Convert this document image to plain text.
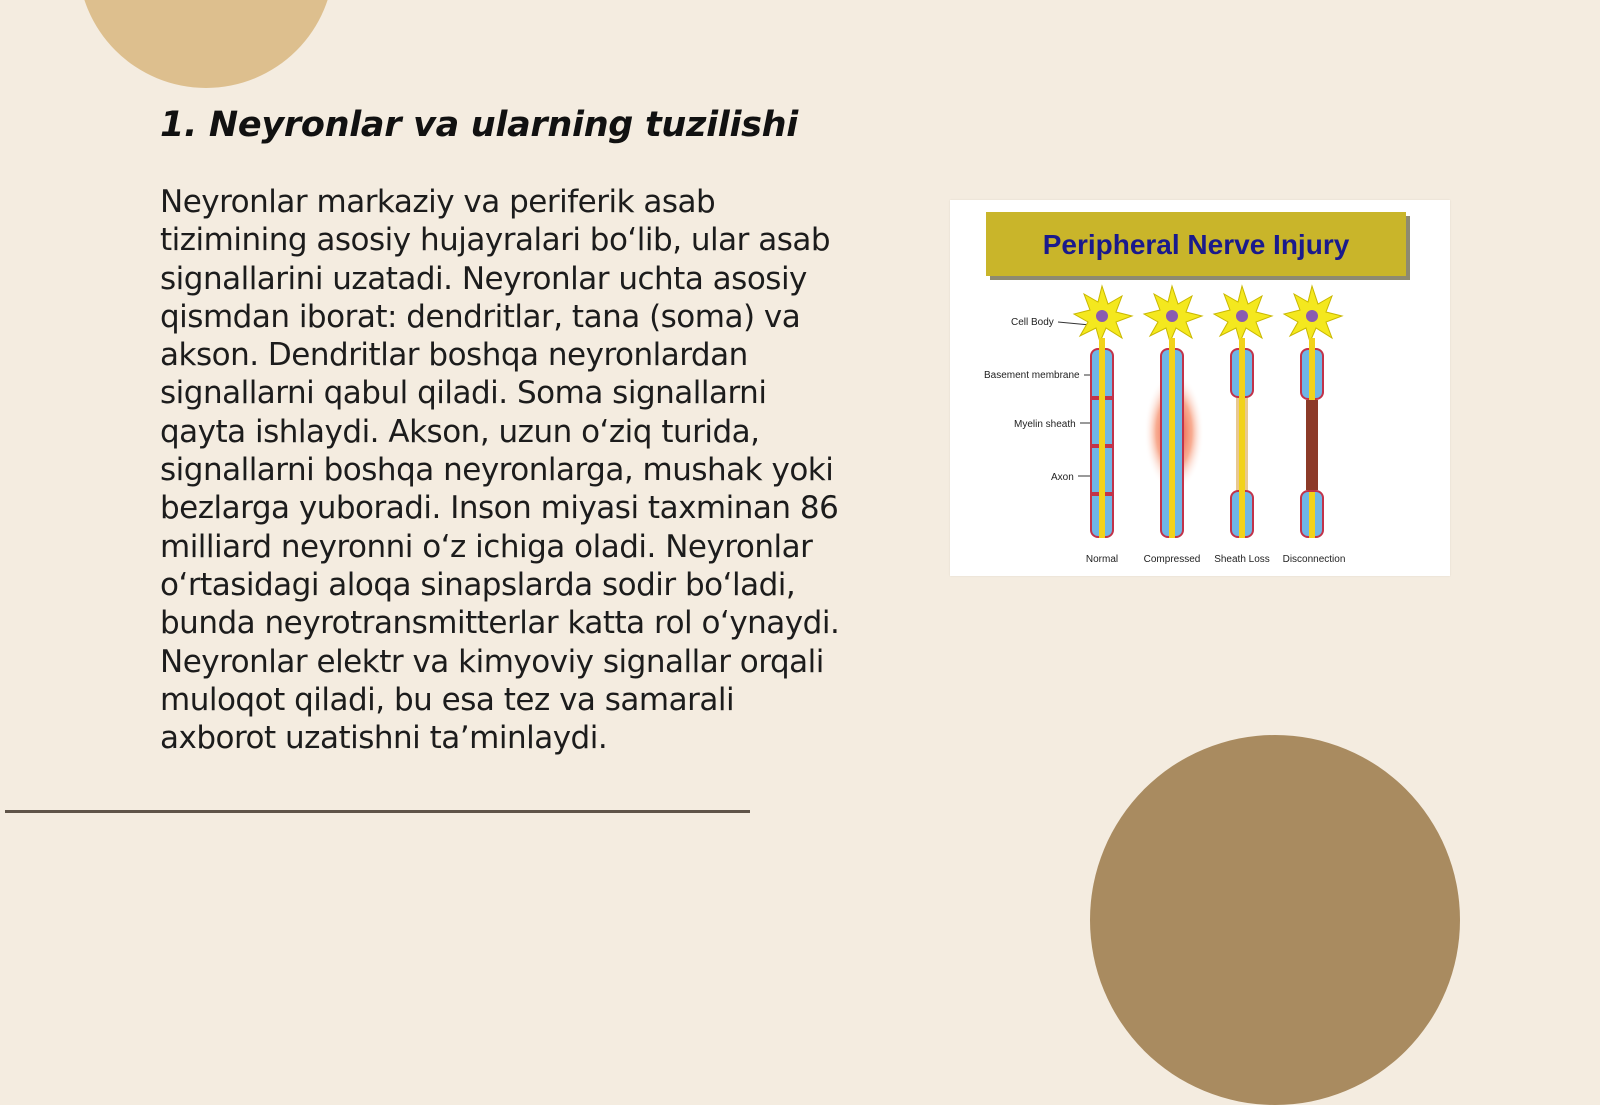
1. Neyronlar va ularning tuzilishi

Neyronlar markaziy va periferik asab tizimining asosiy hujayralari bo‘lib, ular asab signallarini uzatadi. Neyronlar uchta asosiy qismdan iborat: dendritlar, tana (soma) va akson. Dendritlar boshqa neyronlardan signallarni qabul qiladi. Soma signallarni qayta ishlaydi. Akson, uzun o‘ziq turida, signallarni boshqa neyronlarga, mushak yoki bezlarga yuboradi. Inson miyasi taxminan 86 milliard neyronni o‘z ichiga oladi. Neyronlar o‘rtasidagi aloqa sinapslarda sodir bo‘ladi, bunda neyrotransmitterlar katta rol o‘ynaydi. Neyronlar elektr va kimyoviy signallar orqali muloqot qiladi, bu esa tez va samarali axborot uzatishni ta’minlaydi.

Peripheral Nerve Injury
Cell Body
Basement membrane
Myelin sheath
Axon
Normal	Compressed Sheath Loss Disconnection
